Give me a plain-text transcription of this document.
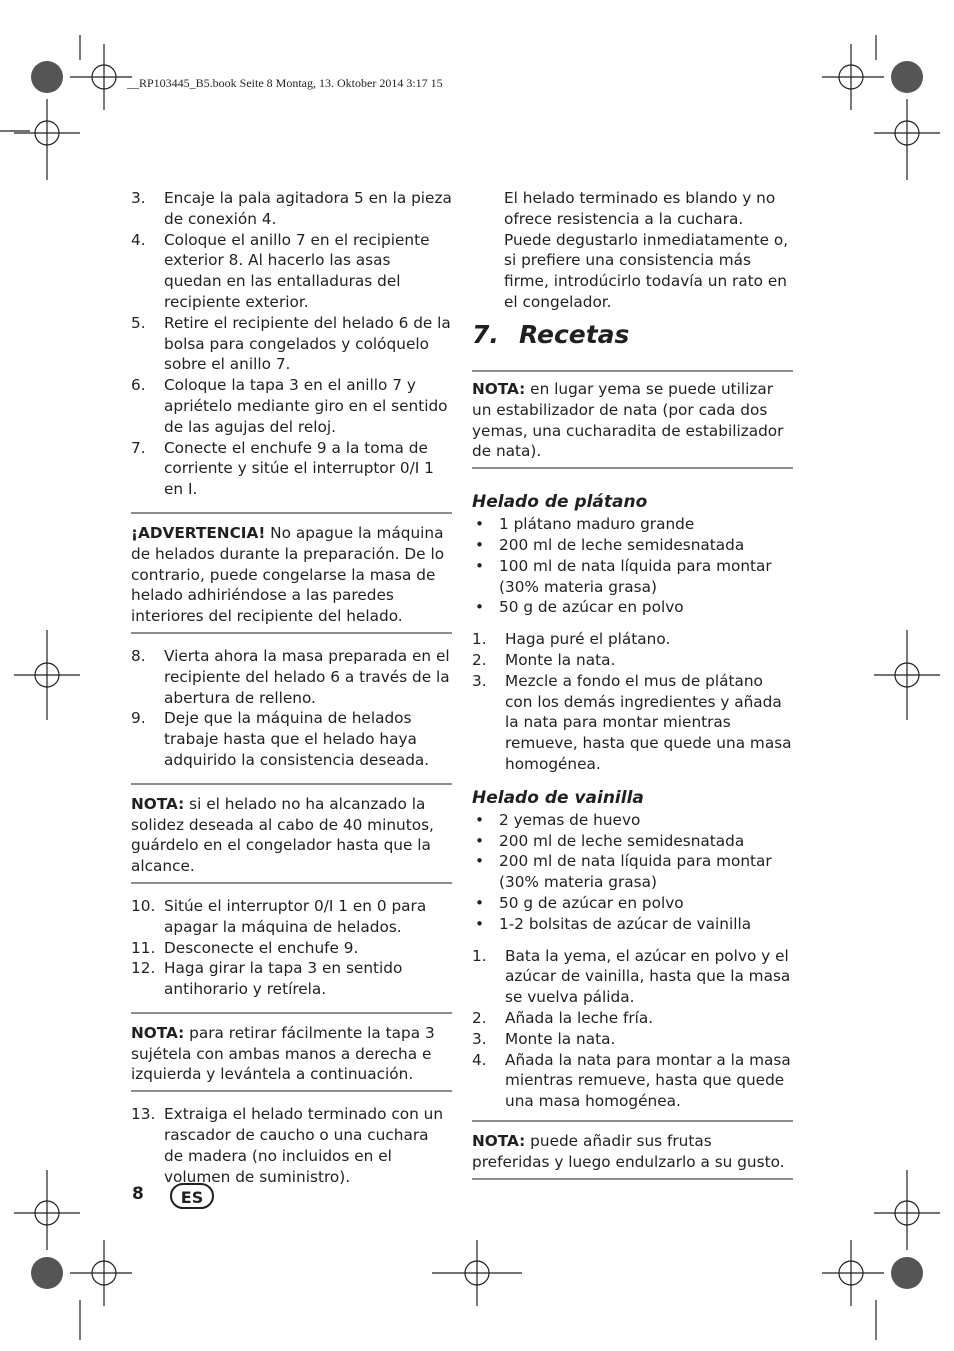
__RP103445_B5.book Seite 8 Montag, 13. Oktober 2014 3:17 15
3.	Encaje la pala agitadora 5 en la pieza de conexión 4.
4.	Coloque el anillo 7 en el recipiente exterior 8. Al hacerlo las asas quedan en las entalladuras del recipiente exterior.
5.	Retire el recipiente del helado 6 de la bolsa para congelados y colóquelo sobre el anillo 7.
6.	Coloque la tapa 3 en el anillo 7 y apriételo mediante giro en el sentido de las agujas del reloj.
7.	Conecte el enchufe 9 a la toma de corriente y sitúe el interruptor 0/I 1 en I.
¡ADVERTENCIA! No apague la máquina de helados durante la preparación. De lo contrario, puede congelarse la masa de helado adhiriéndose a las paredes interiores del recipiente del helado.
8.	Vierta ahora la masa preparada en el recipiente del helado 6 a través de la abertura de relleno.
9.	Deje que la máquina de helados trabaje hasta que el helado haya adquirido la consistencia deseada.
NOTA: si el helado no ha alcanzado la solidez deseada al cabo de 40 minutos, guárdelo en el congelador hasta que la alcance.
10. Sitúe el interruptor 0/I 1 en 0 para apagar la máquina de helados.
11. Desconecte el enchufe 9.
12. Haga girar la tapa 3 en sentido antihorario y retírela.
NOTA: para retirar fácilmente la tapa 3 sujétela con ambas manos a derecha e izquierda y levántela a continuación.
13. Extraiga el helado terminado con un rascador de caucho o una cuchara de madera (no incluidos en el volumen de suministro).

El helado terminado es blando y no ofrece resistencia a la cuchara. Puede degustarlo inmediatamente o, si prefiere una consistencia más firme, introdúcirlo todavía un rato en el congelador.

7. Recetas
NOTA: en lugar yema se puede utilizar un estabilizador de nata (por cada dos yemas, una cucharadita de estabilizador de nata).
Helado de plátano
• 1 plátano maduro grande
• 200 ml de leche semidesnatada
• 100 ml de nata líquida para montar (30% materia grasa)
• 50 g de azúcar en polvo
1.	Haga puré el plátano.
2.	Monte la nata.
3.	Mezcle a fondo el mus de plátano con los demás ingredientes y añada la nata para montar mientras remueve, hasta que quede una masa homogénea.
Helado de vainilla
• 2 yemas de huevo
• 200 ml de leche semidesnatada
• 200 ml de nata líquida para montar (30% materia grasa)
• 50 g de azúcar en polvo
• 1-2 bolsitas de azúcar de vainilla
1.	Bata la yema, el azúcar en polvo y el azúcar de vainilla, hasta que la masa se vuelva pálida.
2.	Añada la leche fría.
3.	Monte la nata.
4.	Añada la nata para montar a la masa mientras remueve, hasta que quede una masa homogénea.
NOTA: puede añadir sus frutas preferidas y luego endulzarlo a su gusto.
8	ES
